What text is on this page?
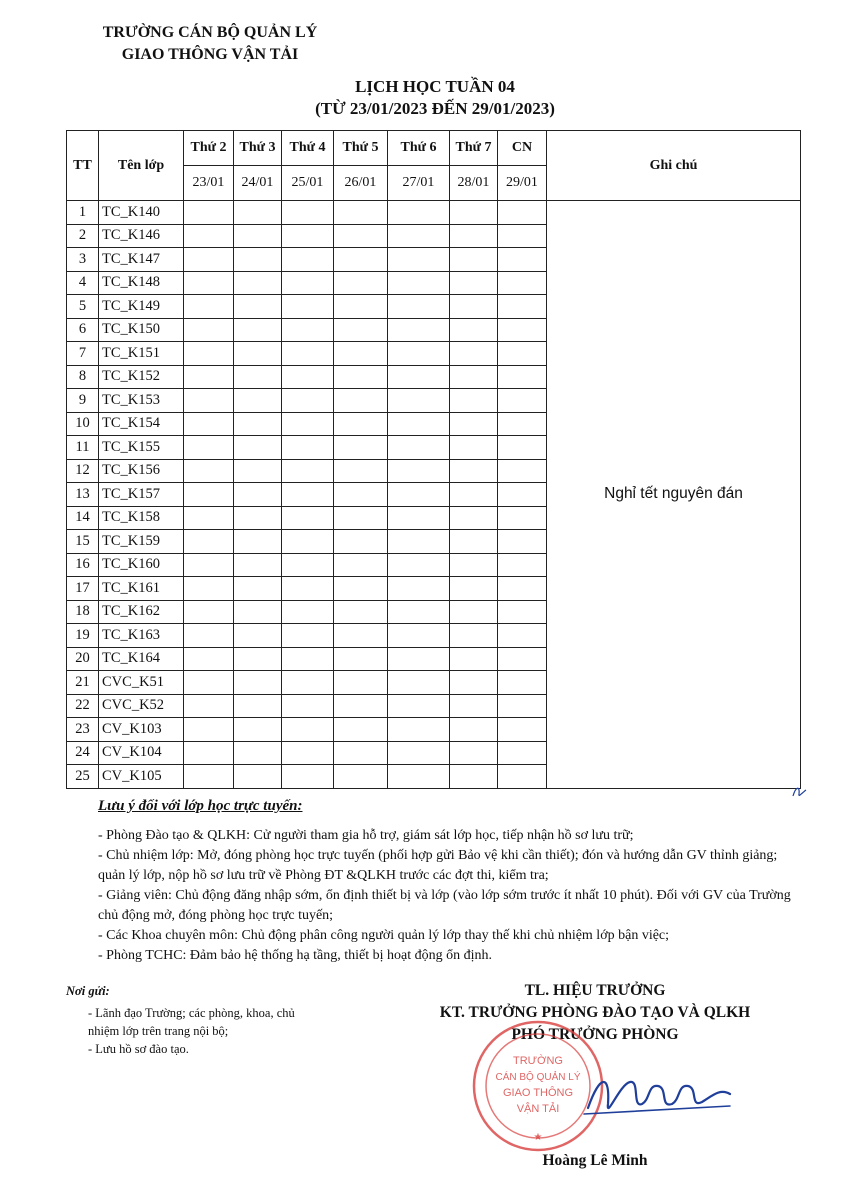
TRƯỜNG CÁN BỘ QUẢN LÝ
GIAO THÔNG VẬN TẢI
LỊCH HỌC TUẦN 04
(TỪ 23/01/2023 ĐẾN 29/01/2023)
TT	Tên lớp	Thứ 2	Thứ 3	Thứ 4	Thứ 5	Thứ 6	Thứ 7	CN	Ghi chú
		23/01	24/01	25/01	26/01	27/01	28/01	29/01	
1	TC_K140								Nghỉ tết nguyên đán
2	TC_K146								
3	TC_K147								
4	TC_K148								
5	TC_K149								
6	TC_K150								
7	TC_K151								
8	TC_K152								
9	TC_K153								
10	TC_K154								
11	TC_K155								
12	TC_K156								
13	TC_K157								
14	TC_K158								
15	TC_K159								
16	TC_K160								
17	TC_K161								
18	TC_K162								
19	TC_K163								
20	TC_K164								
21	CVC_K51								
22	CVC_K52								
23	CV_K103								
24	CV_K104								
25	CV_K105								
Lưu ý đối với lớp học trực tuyến:
- Phòng Đào tạo & QLKH: Cử người tham gia hỗ trợ, giám sát lớp học, tiếp nhận hồ sơ lưu trữ;
- Chủ nhiệm lớp: Mở, đóng phòng học trực tuyến (phối hợp gửi Bảo vệ khi cần thiết); đón và hướng dẫn GV thỉnh giảng; quản lý lớp, nộp hồ sơ lưu trữ về Phòng ĐT &QLKH trước các đợt thi, kiểm tra;
- Giảng viên: Chủ động đăng nhập sớm, ổn định thiết bị và lớp (vào lớp sớm trước ít nhất 10 phút). Đối với GV của Trường chủ động mở, đóng phòng học trực tuyến;
- Các Khoa chuyên môn: Chủ động phân công người quản lý lớp thay thế khi chủ nhiệm lớp bận việc;
- Phòng TCHC: Đảm bảo hệ thống hạ tầng, thiết bị hoạt động ổn định.
Nơi gửi:
- Lãnh đạo Trường; các phòng, khoa, chủ nhiệm lớp trên trang nội bộ;
- Lưu hồ sơ đào tạo.
TL. HIỆU TRƯỞNG
KT. TRƯỞNG PHÒNG ĐÀO TẠO VÀ QLKH
PHÓ TRƯỞNG PHÒNG
TRƯỜNG
CÁN BỘ QUẢN LÝ
GIAO THÔNG
VẬN TẢI
★
Hoàng Lê Minh
